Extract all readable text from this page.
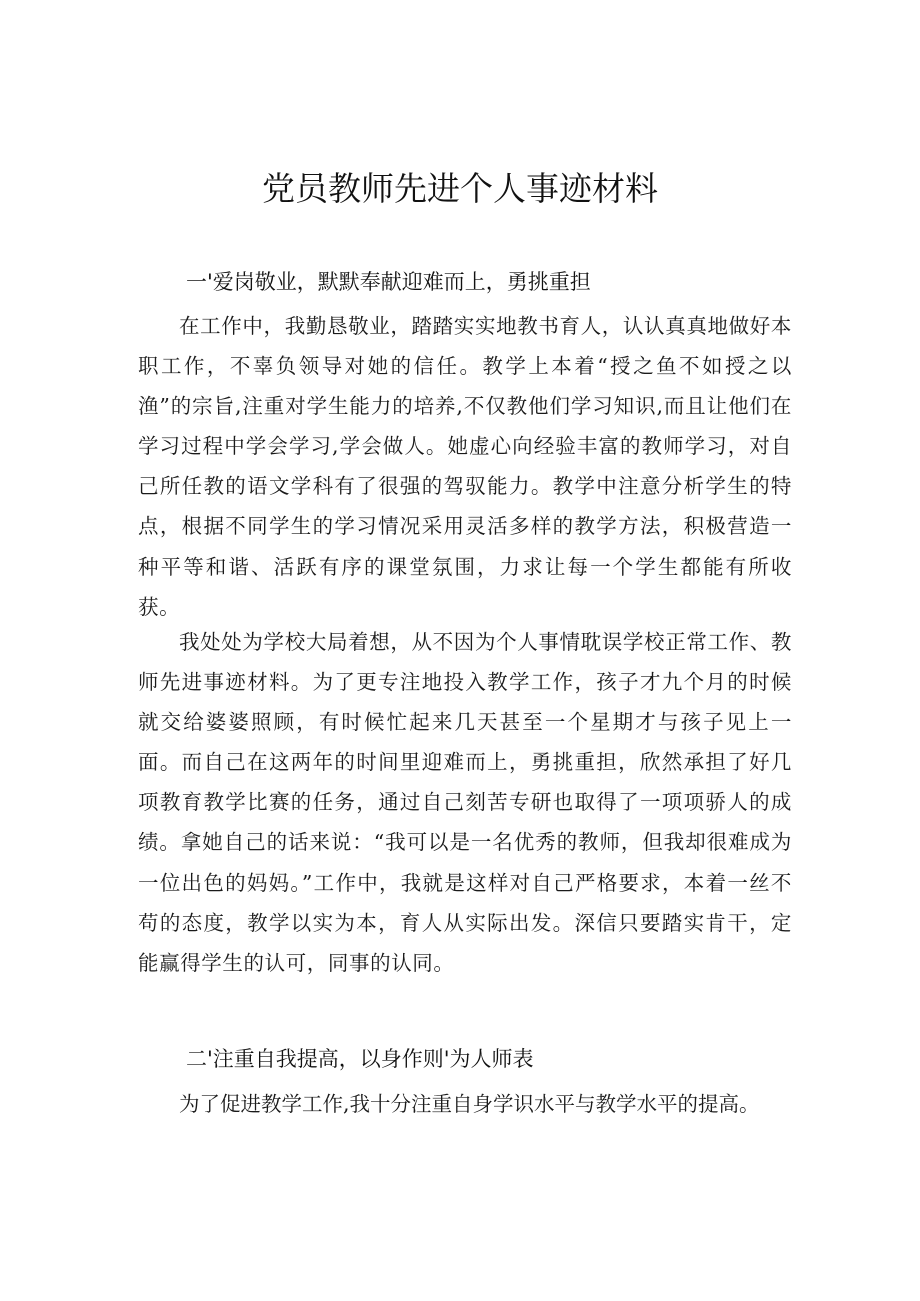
党员教师先进个人事迹材料
一'爱岗敬业，默默奉献迎难而上，勇挑重担

在工作中，我勤恳敬业，踏踏实实地教书育人，认认真真地做好本职工作，不辜负领导对她的信任。教学上本着“授之鱼不如授之以渔”的宗旨,注重对学生能力的培养,不仅教他们学习知识,而且让他们在学习过程中学会学习,学会做人。她虚心向经验丰富的教师学习，对自己所任教的语文学科有了很强的驾驭能力。教学中注意分析学生的特点，根据不同学生的学习情况采用灵活多样的教学方法，积极营造一种平等和谐、活跃有序的课堂氛围，力求让每一个学生都能有所收获。

我处处为学校大局着想，从不因为个人事情耽误学校正常工作、教师先进事迹材料。为了更专注地投入教学工作，孩子才九个月的时候就交给婆婆照顾，有时候忙起来几天甚至一个星期才与孩子见上一面。而自己在这两年的时间里迎难而上，勇挑重担，欣然承担了好几项教育教学比赛的任务，通过自己刻苦专研也取得了一项项骄人的成绩。拿她自己的话来说：“我可以是一名优秀的教师，但我却很难成为一位出色的妈妈。”工作中，我就是这样对自己严格要求，本着一丝不苟的态度，教学以实为本，育人从实际出发。深信只要踏实肯干，定能赢得学生的认可，同事的认同。

二'注重自我提高，以身作则'为人师表

为了促进教学工作,我十分注重自身学识水平与教学水平的提高。
